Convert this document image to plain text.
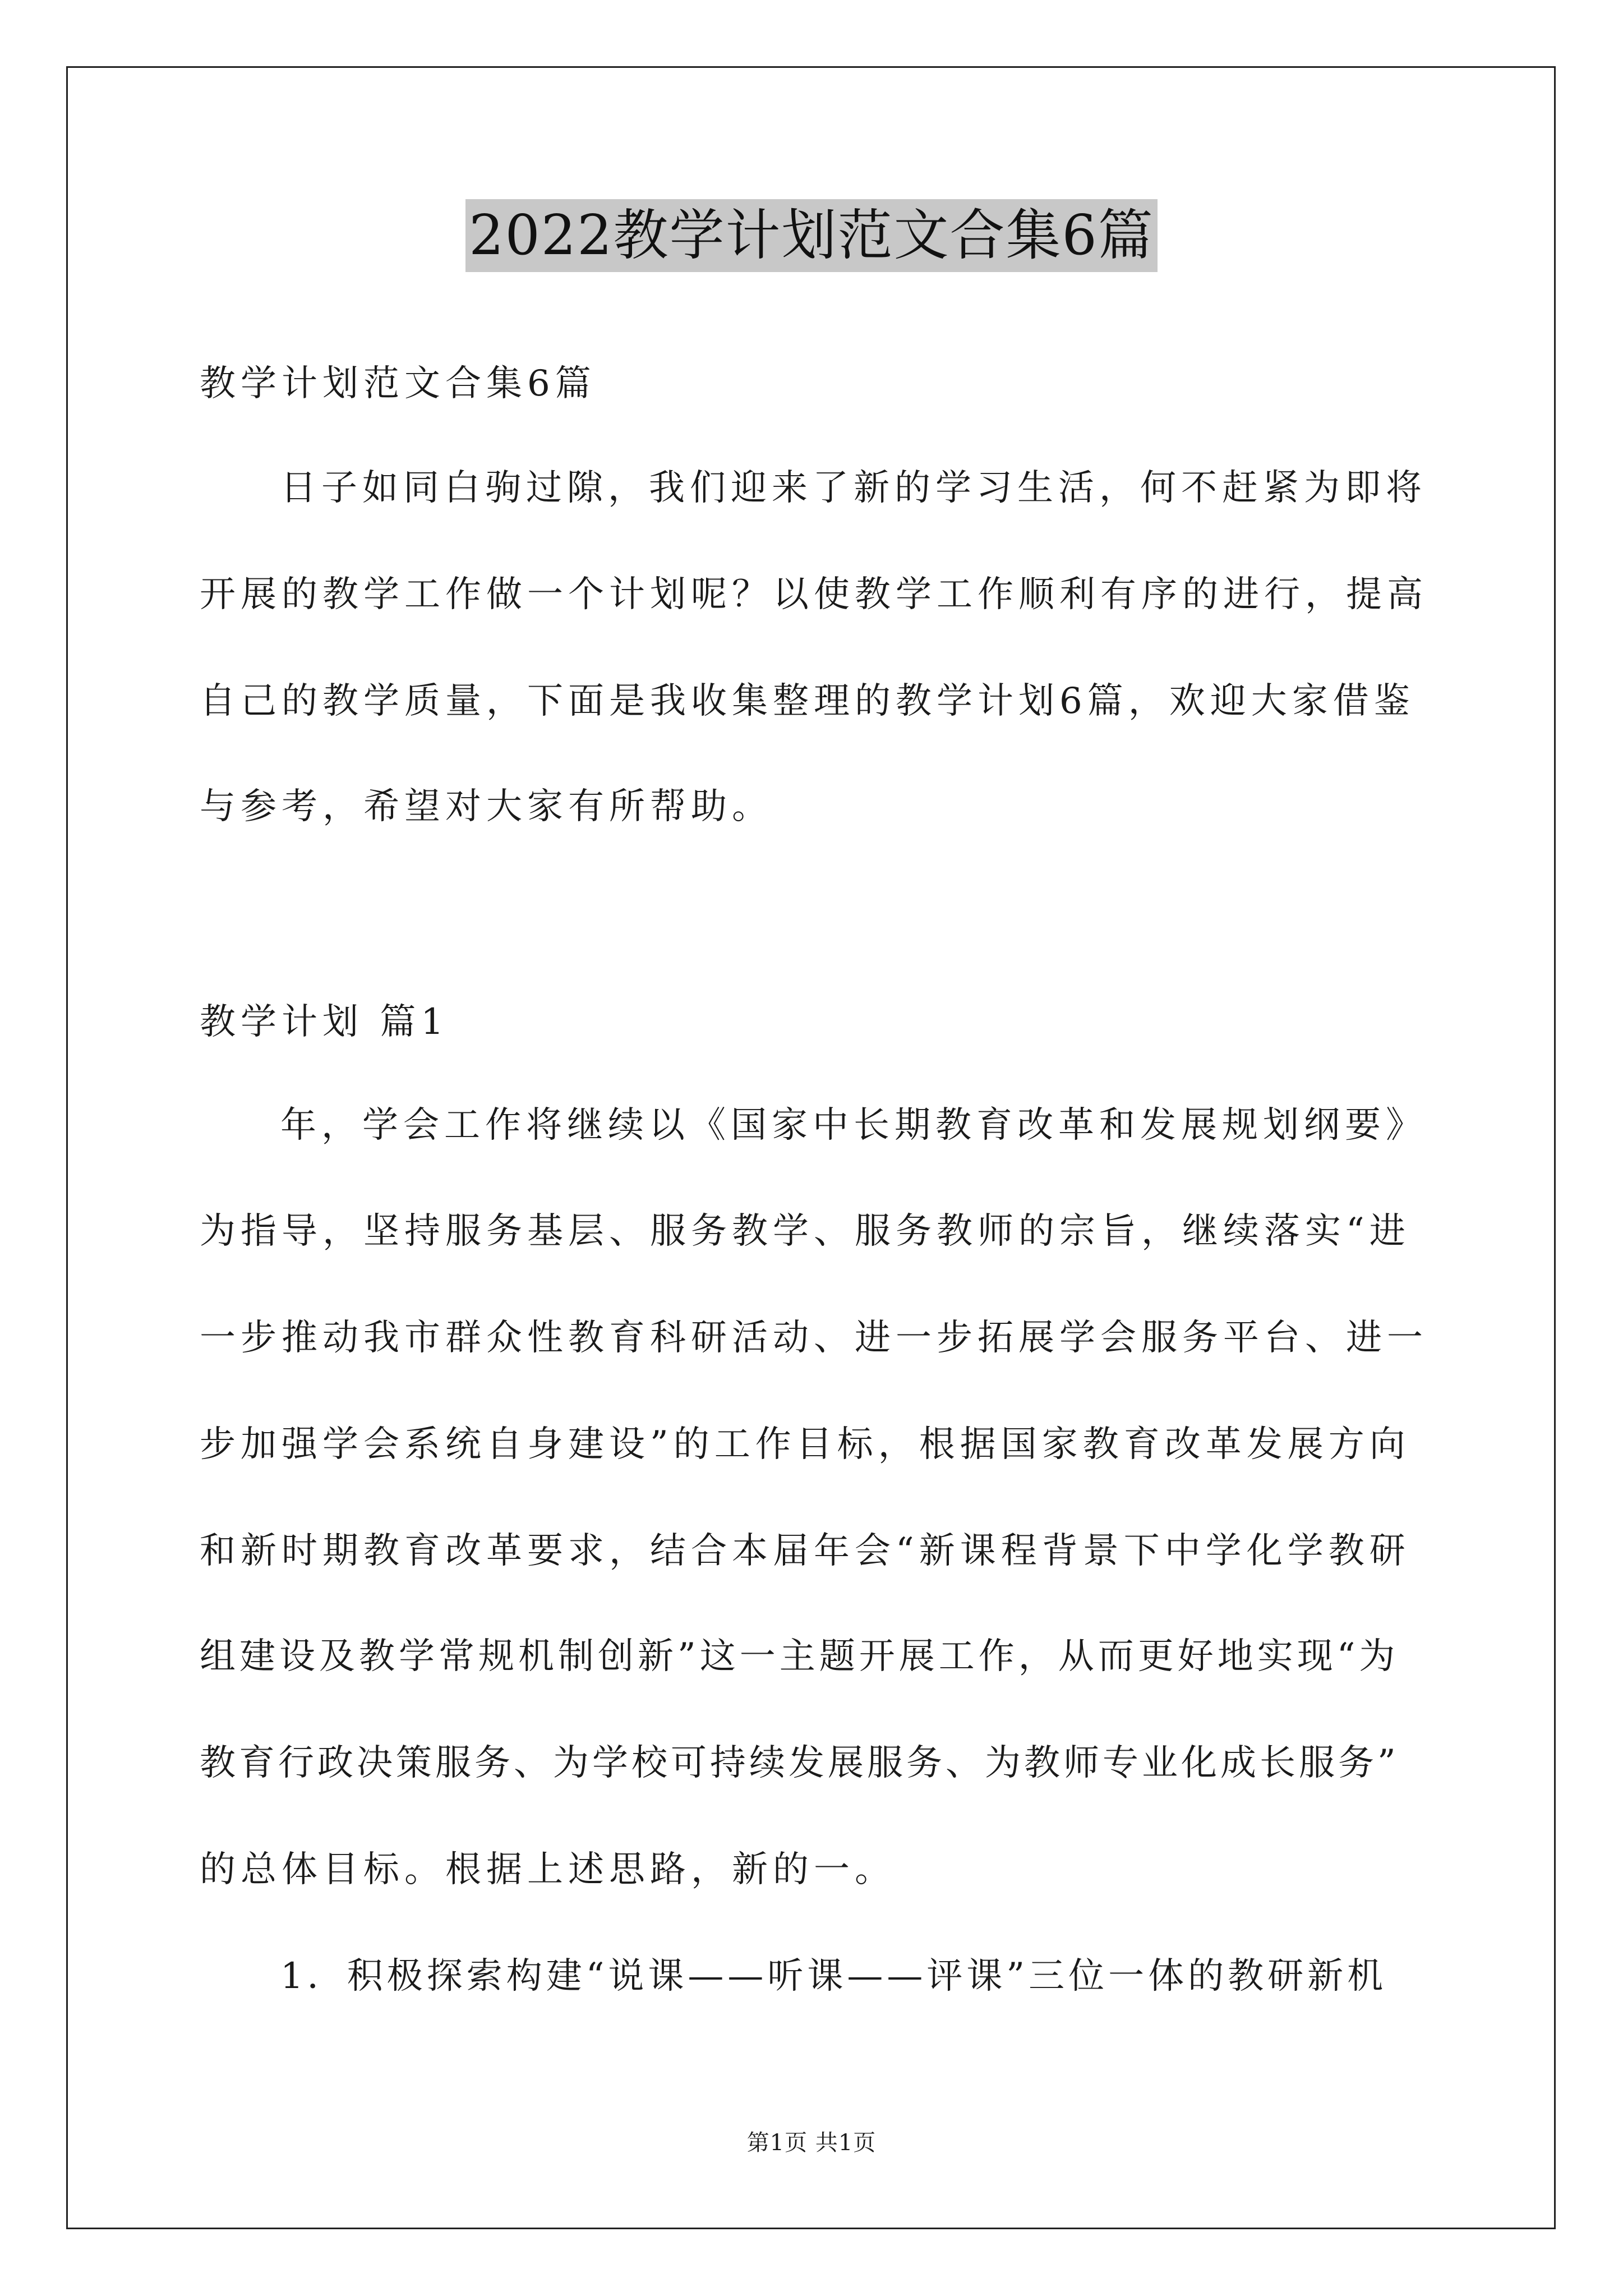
2022教学计划范文合集6篇
教学计划范文合集6篇
日子如同白驹过隙，我们迎来了新的学习生活，何不赶紧为即将
开展的教学工作做一个计划呢？以使教学工作顺利有序的进行，提高
自己的教学质量，下面是我收集整理的教学计划6篇，欢迎大家借鉴
与参考，希望对大家有所帮助。
教学计划 篇1
年，学会工作将继续以《国家中长期教育改革和发展规划纲要》
为指导，坚持服务基层、服务教学、服务教师的宗旨，继续落实“进
一步推动我市群众性教育科研活动、进一步拓展学会服务平台、进一
步加强学会系统自身建设”的工作目标，根据国家教育改革发展方向
和新时期教育改革要求，结合本届年会“新课程背景下中学化学教研
组建设及教学常规机制创新”这一主题开展工作，从而更好地实现“为
教育行政决策服务、为学校可持续发展服务、为教师专业化成长服务”
的总体目标。根据上述思路，新的一。
1．积极探索构建“说课——听课——评课”三位一体的教研新机
第1页 共1页
